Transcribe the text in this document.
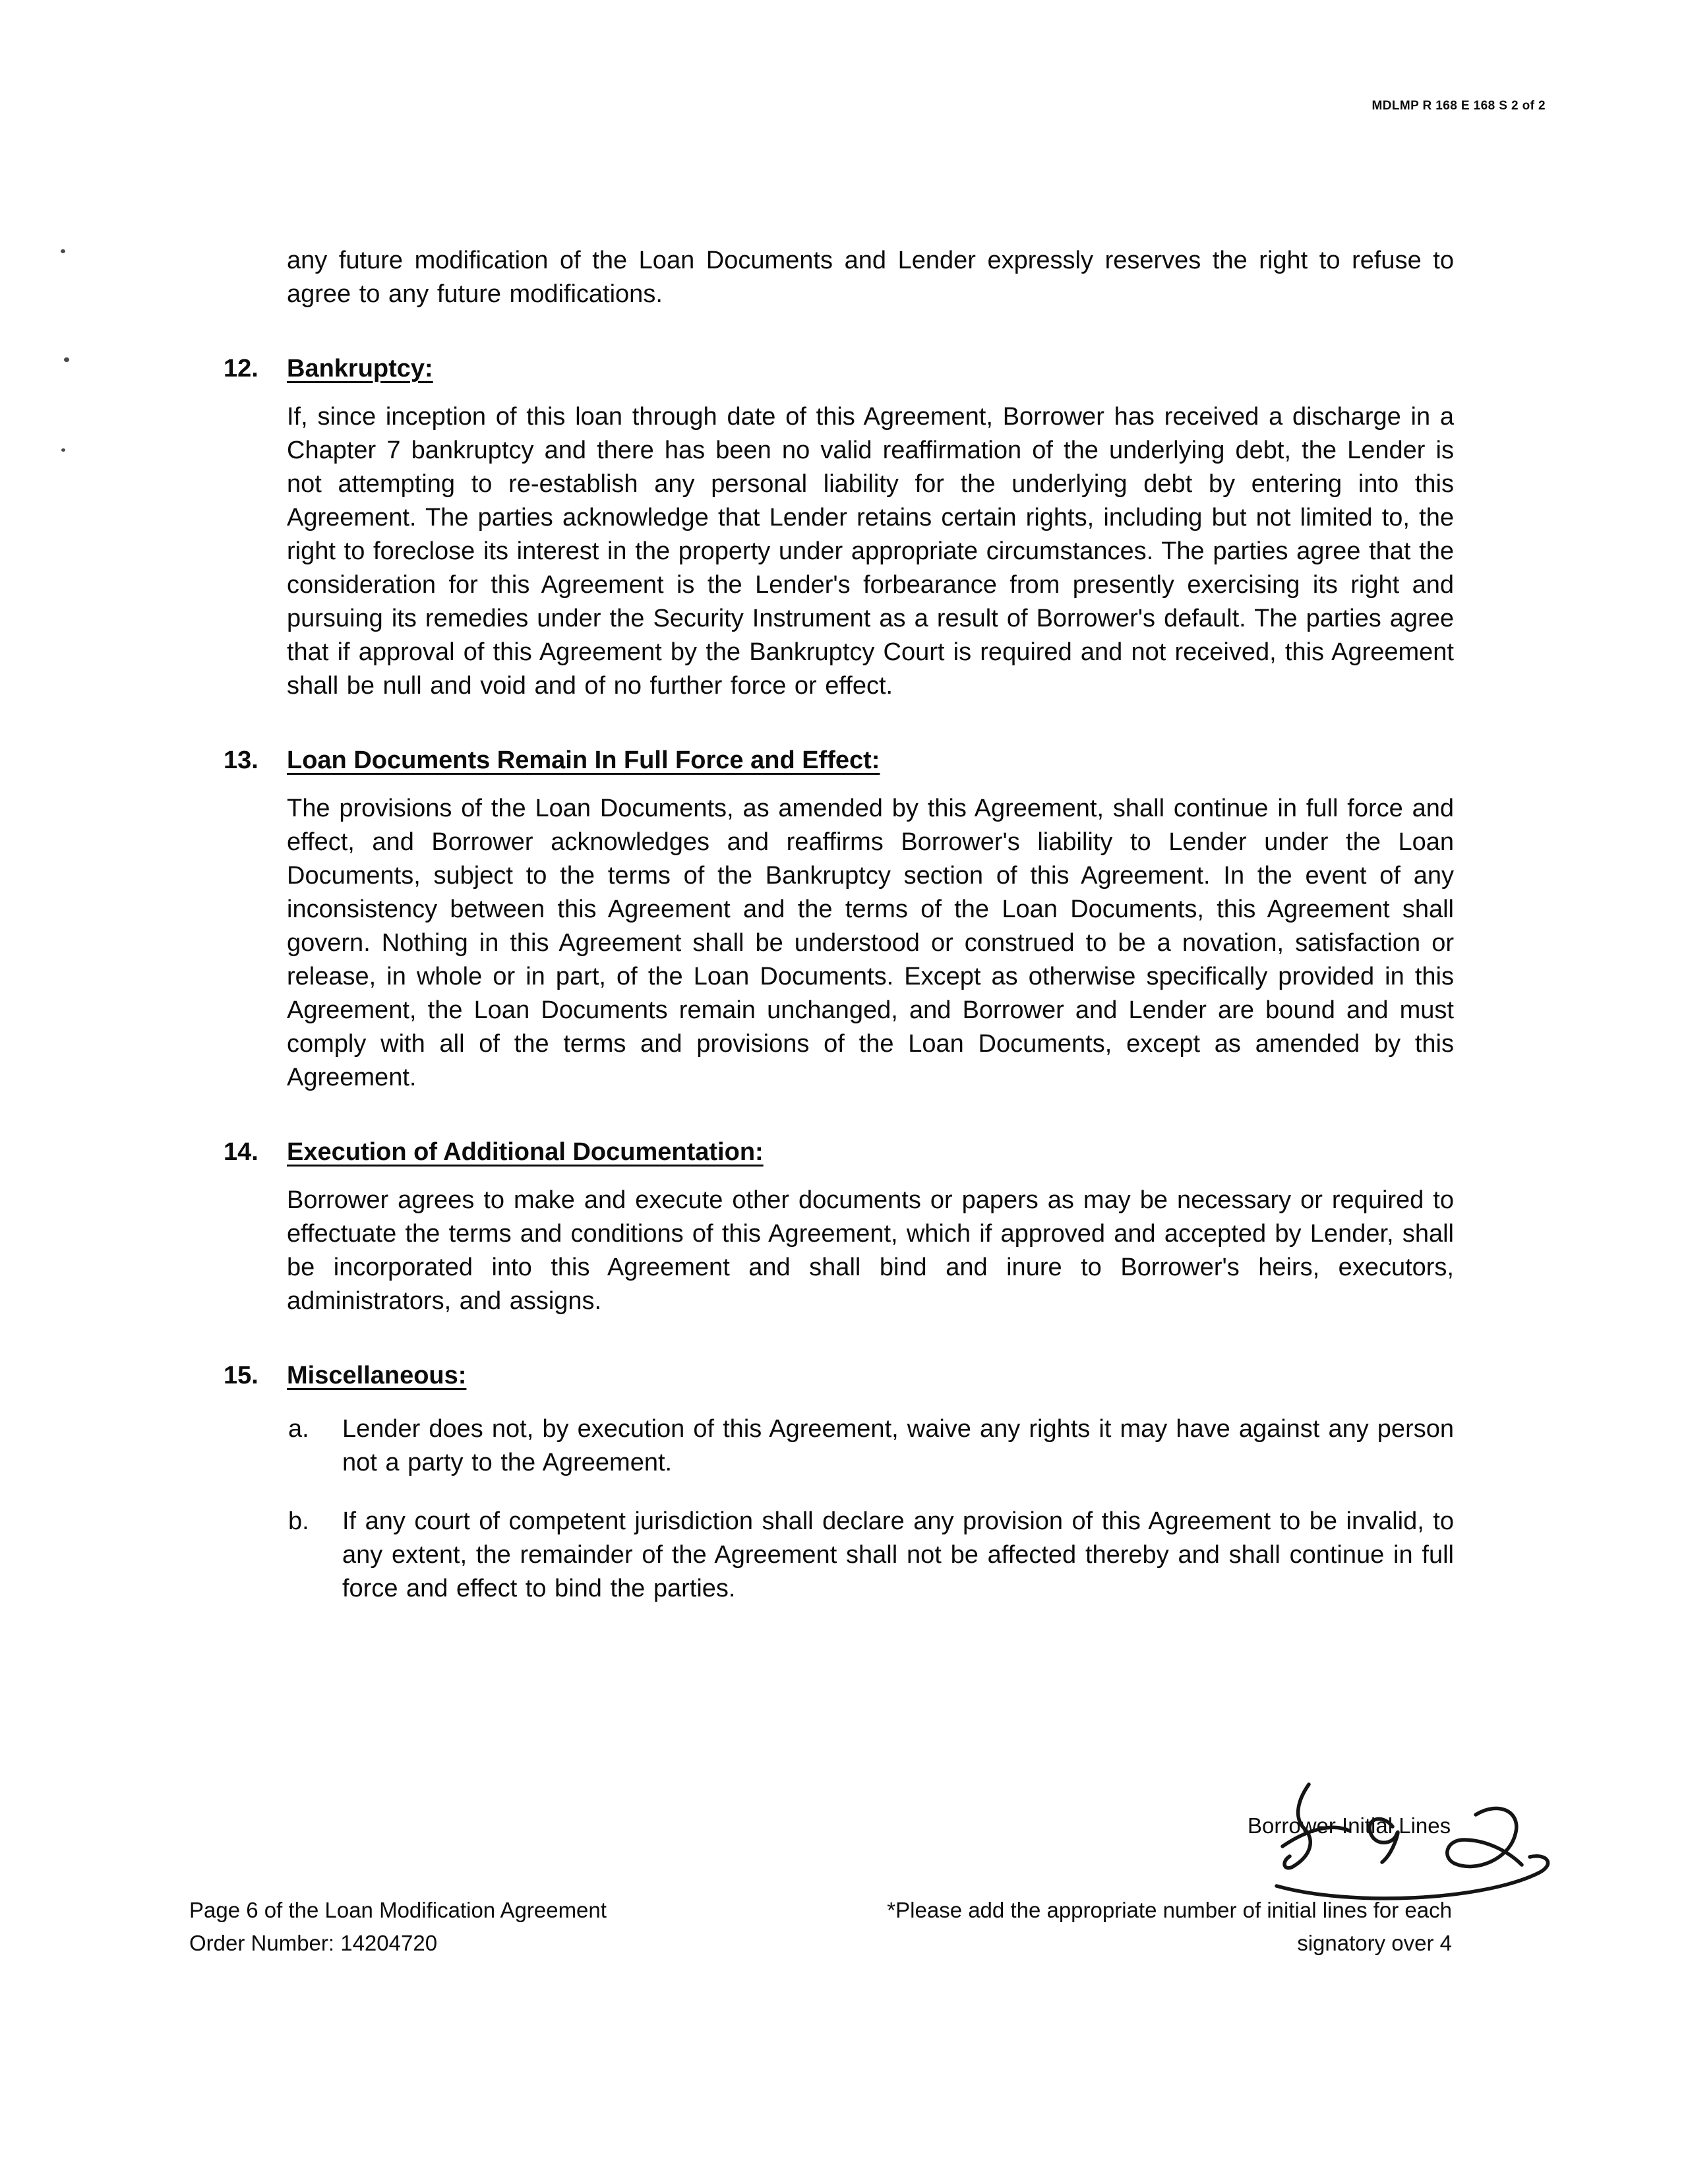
MDLMP R 168 E 168 S 2 of 2

any future modification of the Loan Documents and Lender expressly reserves the right to refuse to agree to any future modifications.

12. Bankruptcy:

If, since inception of this loan through date of this Agreement, Borrower has received a discharge in a Chapter 7 bankruptcy and there has been no valid reaffirmation of the underlying debt, the Lender is not attempting to re-establish any personal liability for the underlying debt by entering into this Agreement. The parties acknowledge that Lender retains certain rights, including but not limited to, the right to foreclose its interest in the property under appropriate circumstances. The parties agree that the consideration for this Agreement is the Lender's forbearance from presently exercising its right and pursuing its remedies under the Security Instrument as a result of Borrower's default. The parties agree that if approval of this Agreement by the Bankruptcy Court is required and not received, this Agreement shall be null and void and of no further force or effect.

13. Loan Documents Remain In Full Force and Effect:

The provisions of the Loan Documents, as amended by this Agreement, shall continue in full force and effect, and Borrower acknowledges and reaffirms Borrower's liability to Lender under the Loan Documents, subject to the terms of the Bankruptcy section of this Agreement. In the event of any inconsistency between this Agreement and the terms of the Loan Documents, this Agreement shall govern. Nothing in this Agreement shall be understood or construed to be a novation, satisfaction or release, in whole or in part, of the Loan Documents. Except as otherwise specifically provided in this Agreement, the Loan Documents remain unchanged, and Borrower and Lender are bound and must comply with all of the terms and provisions of the Loan Documents, except as amended by this Agreement.

14. Execution of Additional Documentation:

Borrower agrees to make and execute other documents or papers as may be necessary or required to effectuate the terms and conditions of this Agreement, which if approved and accepted by Lender, shall be incorporated into this Agreement and shall bind and inure to Borrower's heirs, executors, administrators, and assigns.

15. Miscellaneous:
a. Lender does not, by execution of this Agreement, waive any rights it may have against any person not a party to the Agreement.

b. If any court of competent jurisdiction shall declare any provision of this Agreement to be invalid, to any extent, the remainder of the Agreement shall not be affected thereby and shall continue in full force and effect to bind the parties.

Borrower Initial Lines
Page 6 of the Loan Modification Agreement
Order Number: 14204720
*Please add the appropriate number of initial lines for each
signatory over 4
